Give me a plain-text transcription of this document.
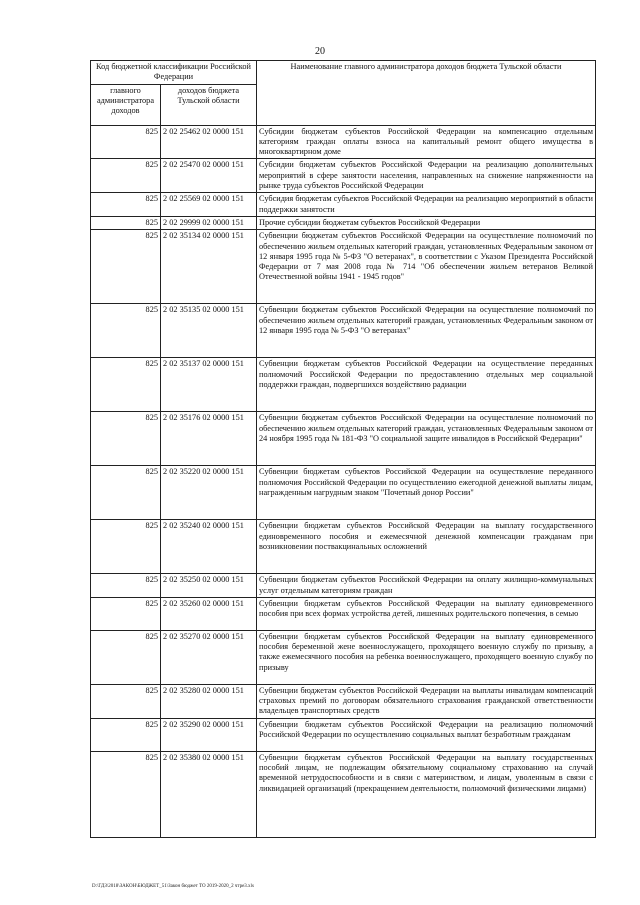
20
Код бюджетной классификации Российской Федерации		Наименование главного администратора доходов бюджета Тульской области
главного администратора доходов	доходов бюджета Тульской области	
825	2 02 25462 02 0000 151	Субсидии бюджетам субъектов Российской Федерации на компенсацию отдельным категориям граждан оплаты взноса на капитальный ремонт общего имущества в многоквартирном доме
825	2 02 25470 02 0000 151	Субсидии бюджетам субъектов Российской Федерации на реализацию дополнительных мероприятий в сфере занятости населения, направленных на снижение напряженности на рынке труда субъектов Российской Федерации
825	2 02 25569 02 0000 151	Субсидия бюджетам субъектов Российской Федерации на реализацию мероприятий в области поддержки занятости
825	2 02 29999 02 0000 151	Прочие субсидии бюджетам субъектов Российской Федерации
825	2 02 35134 02 0000 151	Субвенции бюджетам субъектов Российской Федерации на осуществление полномочий по обеспечению жильем отдельных категорий граждан, установленных Федеральным законом от 12 января 1995 года № 5-ФЗ "О ветеранах", в соответствии с Указом Президента Российской Федерации от 7 мая 2008 года № 714 "Об обеспечении жильем ветеранов Великой Отечественной войны 1941 - 1945 годов"
825	2 02 35135 02 0000 151	Субвенции бюджетам субъектов Российской Федерации на осуществление полномочий по обеспечению жильем отдельных категорий граждан, установленных Федеральным законом от 12 января 1995 года № 5-ФЗ "О ветеранах"
825	2 02 35137 02 0000 151	Субвенции бюджетам субъектов Российской Федерации на осуществление переданных полномочий Российской Федерации по предоставлению отдельных мер социальной поддержки граждан, подвергшихся воздействию радиации
825	2 02 35176 02 0000 151	Субвенции бюджетам субъектов Российской Федерации на осуществление полномочий по обеспечению жильем отдельных категорий граждан, установленных Федеральным законом от 24 ноября 1995 года № 181-ФЗ "О социальной защите инвалидов в Российской Федерации"
825	2 02 35220 02 0000 151	Субвенции бюджетам субъектов Российской Федерации на осуществление переданного полномочия Российской Федерации по осуществлению ежегодной денежной выплаты лицам, награжденным нагрудным знаком "Почетный донор России"
825	2 02 35240 02 0000 151	Субвенции бюджетам субъектов Российской Федерации на выплату государственного единовременного пособия и ежемесячной денежной компенсации гражданам при возникновении поствакцинальных осложнений
825	2 02 35250 02 0000 151	Субвенции бюджетам субъектов Российской Федерации на оплату жилищно-коммунальных услуг отдельным категориям граждан
825	2 02 35260 02 0000 151	Субвенции бюджетам субъектов Российской Федерации на выплату единовременного пособия при всех формах устройства детей, лишенных родительского попечения, в семью
825	2 02 35270 02 0000 151	Субвенции бюджетам субъектов Российской Федерации на выплату единовременного пособия беременной жене военнослужащего, проходящего военную службу по призыву, а также ежемесячного пособия на ребенка военнослужащего, проходящего военную службу по призыву
825	2 02 35280 02 0000 151	Субвенции бюджетам субъектов Российской Федерации на выплаты инвалидам компенсаций страховых премий по договорам обязательного страхования гражданской ответственности владельцев транспортных средств
825	2 02 35290 02 0000 151	Субвенции бюджетам субъектов Российской Федерации на реализацию полномочий Российской Федерации по осуществлению социальных выплат безработным гражданам
825	2 02 35380 02 0000 151	Субвенции бюджетам субъектов Российской Федерации на выплату государственных пособий лицам, не подлежащим обязательному социальному страхованию на случай временной нетрудоспособности и в связи с материнством, и лицам, уволенным в связи с ликвидацией организаций (прекращением деятельности, полномочий физическими лицами)
D:\ГДЗ\2018\ЗАКОН\БЮДЖЕТ_51\Закон бюджет ТО 2019-2020_2 чтре3.xls
